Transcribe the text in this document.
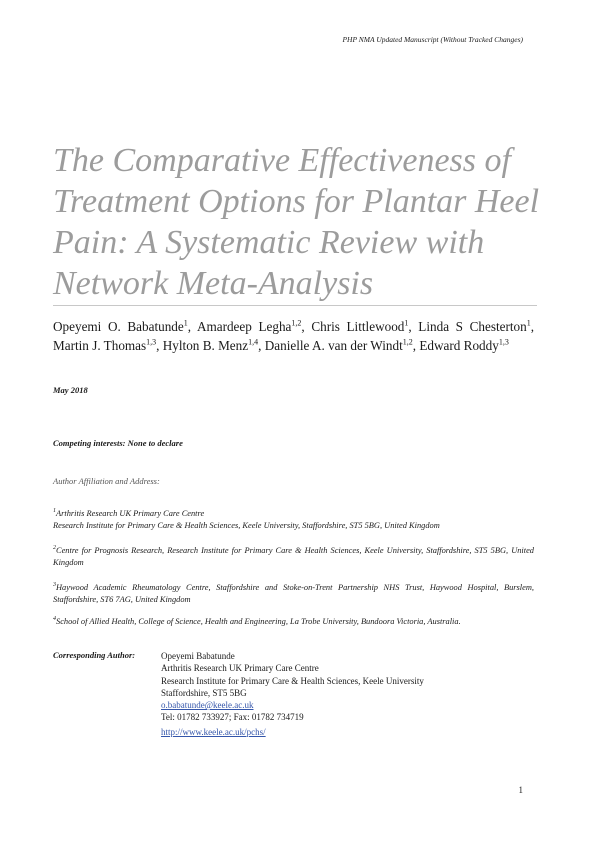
PHP NMA Updated Manuscript (Without Tracked Changes)
The Comparative Effectiveness of Treatment Options for Plantar Heel Pain: A Systematic Review with Network Meta-Analysis
Opeyemi O. Babatunde$^1$, Amardeep Legha$^{1,2}$, Chris Littlewood$^1$, Linda S Chesterton$^1$, Martin J. Thomas$^{1,3}$, Hylton B. Menz$^{1,4}$, Danielle A. van der Windt$^{1,2}$, Edward Roddy$^{1,3}$
May 2018
Competing interests: None to declare
Author Affiliation and Address:
$^1$Arthritis Research UK Primary Care Centre
Research Institute for Primary Care & Health Sciences, Keele University, Staffordshire, ST5 5BG, United Kingdom
$^2$Centre for Prognosis Research, Research Institute for Primary Care & Health Sciences, Keele University, Staffordshire, ST5 5BG, United Kingdom
$^3$Haywood Academic Rheumatology Centre, Staffordshire and Stoke-on-Trent Partnership NHS Trust, Haywood Hospital, Burslem, Staffordshire, ST6 7AG, United Kingdom
$^4$School of Allied Health, College of Science, Health and Engineering, La Trobe University, Bundoora Victoria, Australia.
Corresponding Author:	Opeyemi Babatunde
Arthritis Research UK Primary Care Centre
Research Institute for Primary Care & Health Sciences, Keele University
Staffordshire, ST5 5BG
o.babatunde@keele.ac.uk
Tel: 01782 733927; Fax: 01782 734719
http://www.keele.ac.uk/pchs/
1
